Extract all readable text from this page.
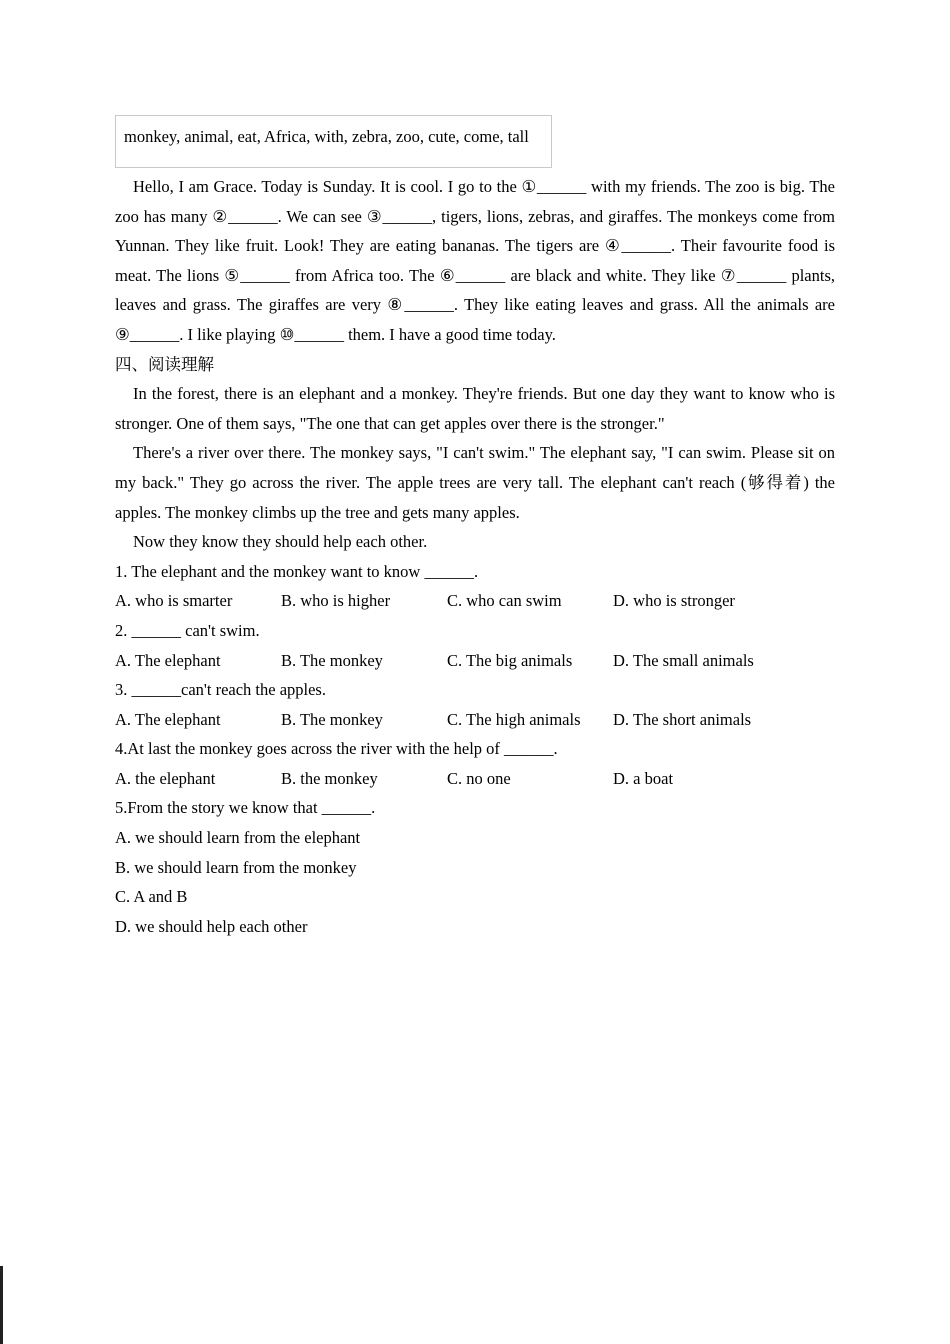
monkey, animal, eat, Africa, with, zebra, zoo, cute, come, tall

Hello, I am Grace. Today is Sunday. It is cool. I go to the ①______ with my friends. The zoo is big. The zoo has many ②______. We can see ③______, tigers, lions, zebras, and giraffes. The monkeys come from Yunnan. They like fruit. Look! They are eating bananas. The tigers are ④______. Their favourite food is meat. The lions ⑤______ from Africa too. The ⑥______ are black and white. They like ⑦______ plants, leaves and grass. The giraffes are very ⑧______. They like eating leaves and grass. All the animals are ⑨______. I like playing ⑩______ them. I have a good time today.

四、阅读理解

In the forest, there is an elephant and a monkey. They're friends. But one day they want to know who is stronger. One of them says, "The one that can get apples over there is the stronger."

There's a river over there. The monkey says, "I can't swim." The elephant say, "I can swim. Please sit on my back." They go across the river. The apple trees are very tall. The elephant can't reach (够得着) the apples. The monkey climbs up the tree and gets many apples.

Now they know they should help each other.

1. The elephant and the monkey want to know ______.

A. who is smarter	B. who is higher	C. who can swim	D. who is stronger

2. ______ can't swim.

A. The elephant	B. The monkey	C. The big animals	D. The small animals

3. ______can't reach the apples.

A. The elephant	B. The monkey	C. The high animals	D. The short animals

4.At last the monkey goes across the river with the help of ______.

A. the elephant	B. the monkey	C. no one	D. a boat

5.From the story we know that ______.

A. we should learn from the elephant
B. we should learn from the monkey
C. A and B
D. we should help each other
